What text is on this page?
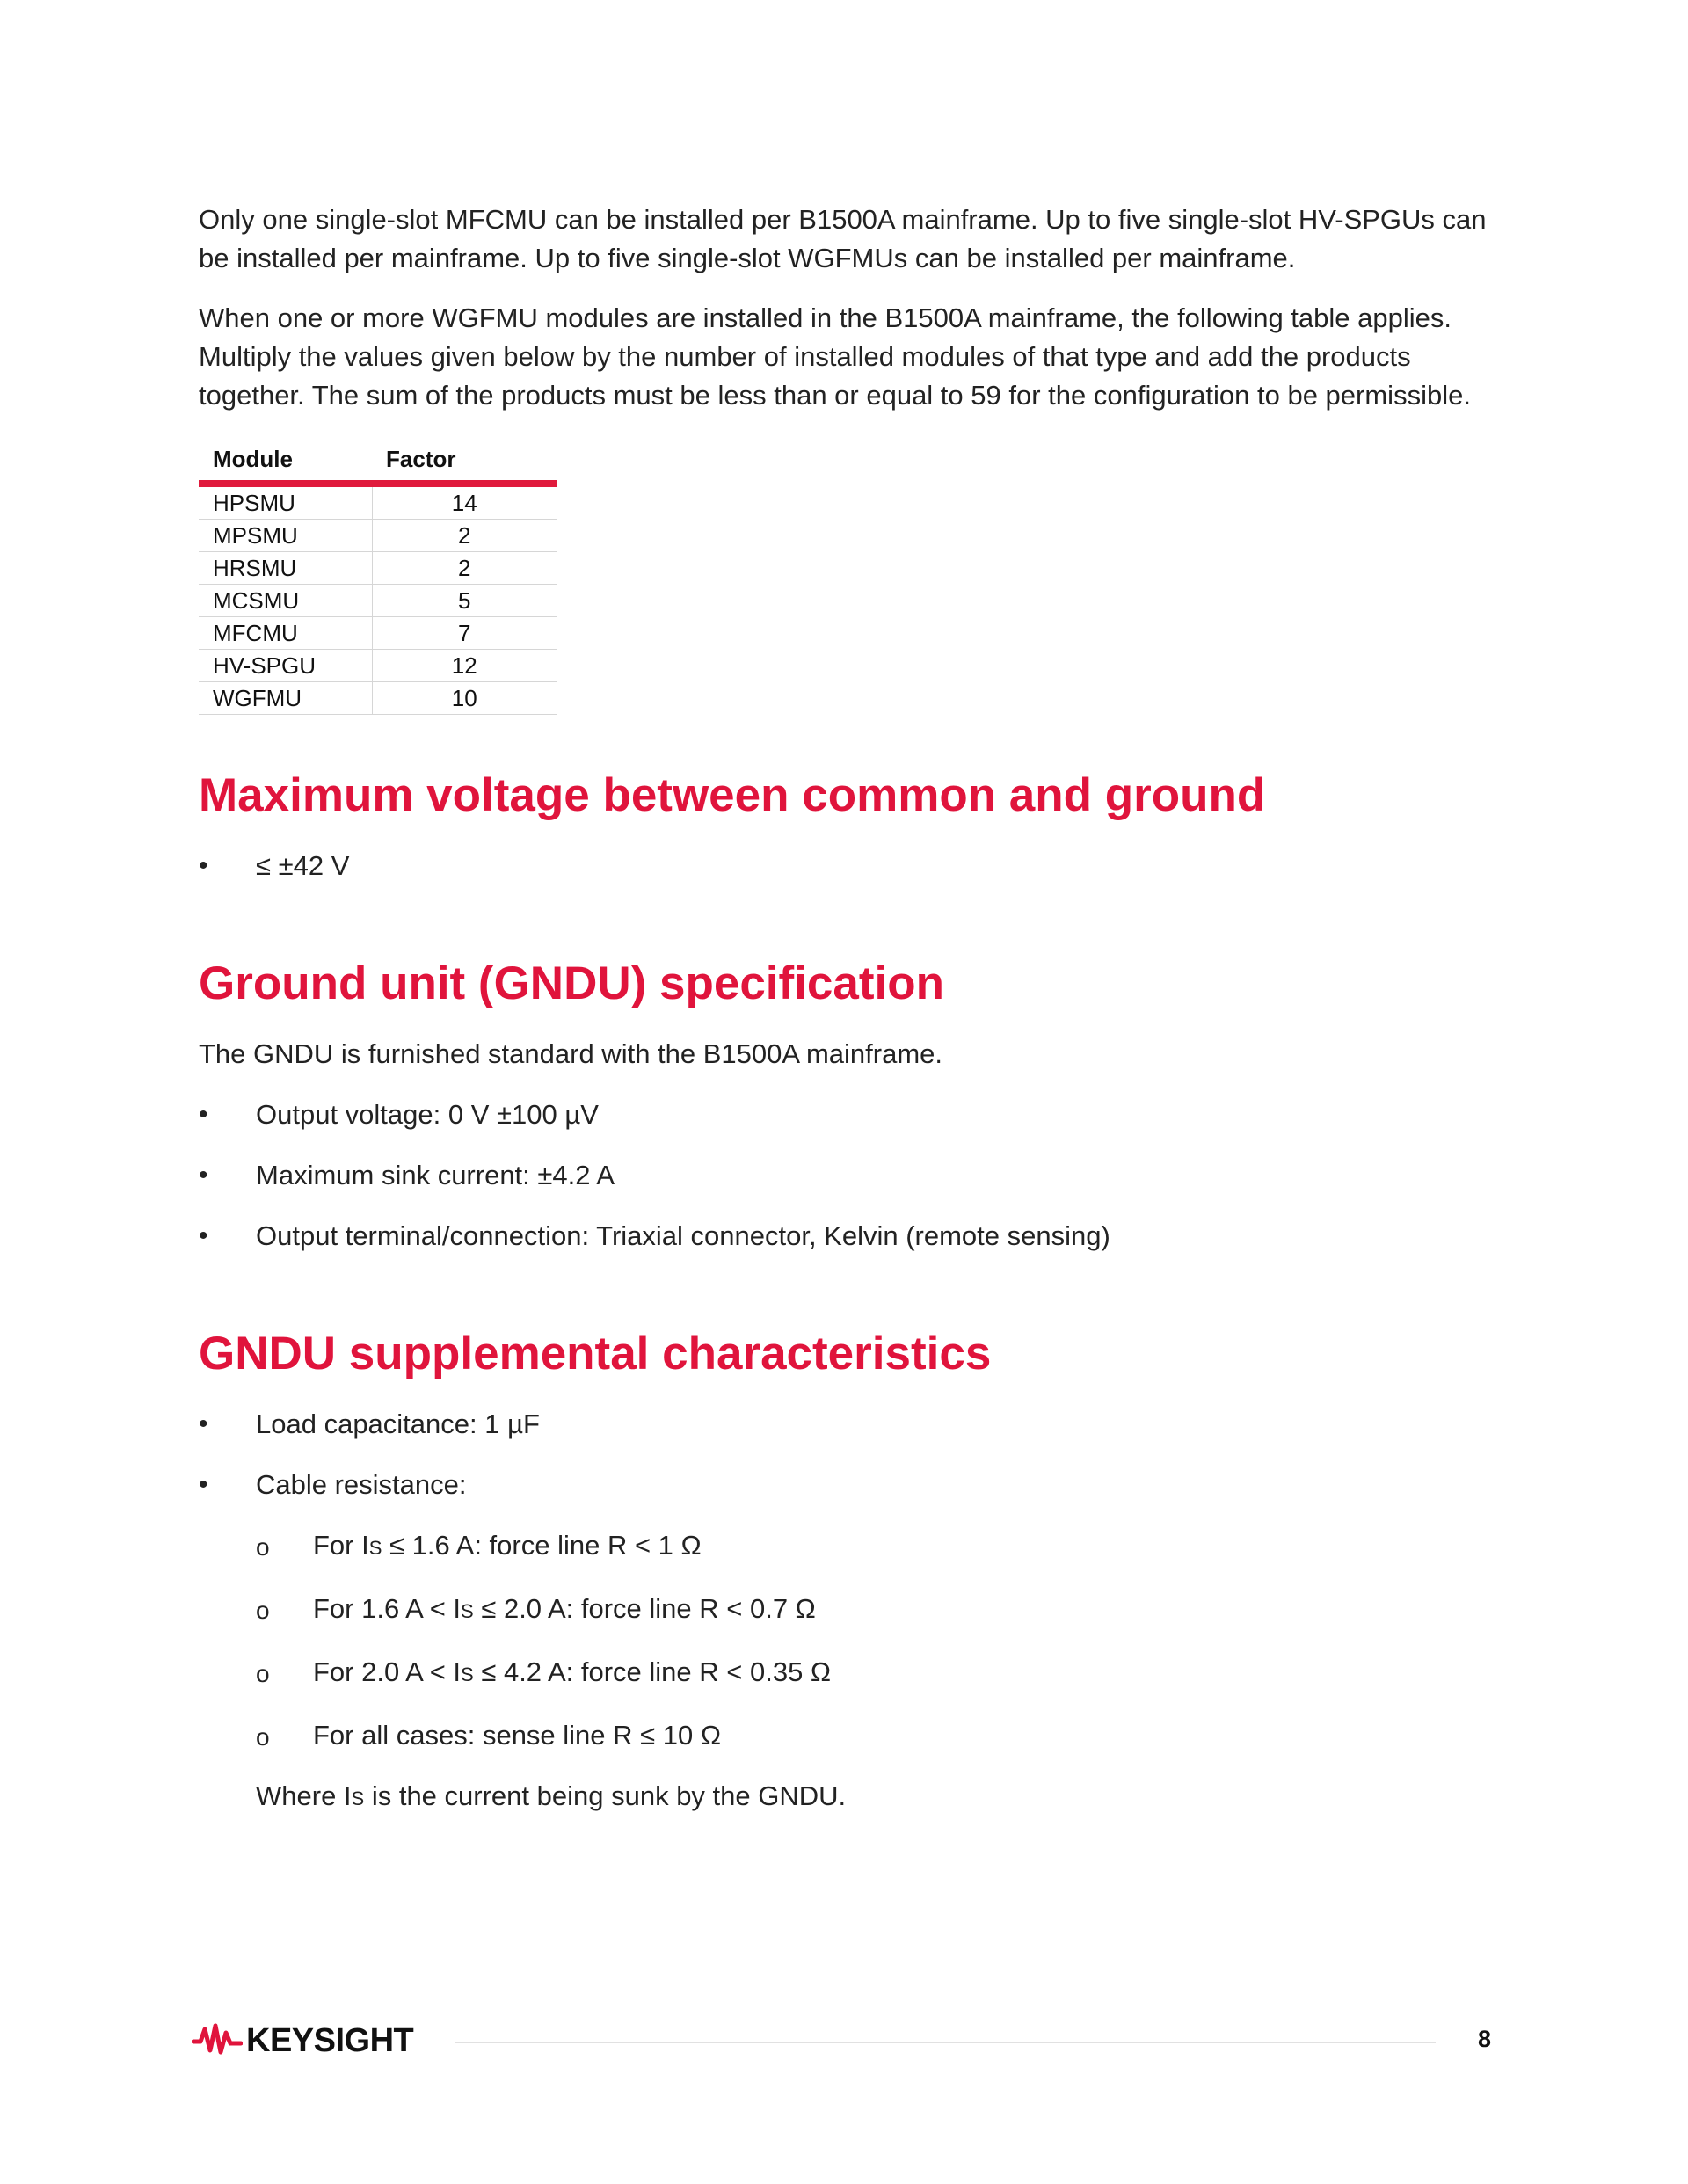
Only one single-slot MFCMU can be installed per B1500A mainframe. Up to five single-slot HV-SPGUs can be installed per mainframe. Up to five single-slot WGFMUs can be installed per mainframe.

When one or more WGFMU modules are installed in the B1500A mainframe, the following table applies. Multiply the values given below by the number of installed modules of that type and add the products together. The sum of the products must be less than or equal to 59 for the configuration to be permissible.

Module	Factor
HPSMU	14
MPSMU	2
HRSMU	2
MCSMU	5
MFCMU	7
HV-SPGU	12
WGFMU	10
Maximum voltage between common and ground
• ≤ ±42 V
Ground unit (GNDU) specification

The GNDU is furnished standard with the B1500A mainframe.

• Output voltage: 0 V ±100 µV
• Maximum sink current: ±4.2 A
• Output terminal/connection: Triaxial connector, Kelvin (remote sensing)
GNDU supplemental characteristics
• Load capacitance: 1 µF
• Cable resistance:
o For IS ≤ 1.6 A: force line R < 1 Ω
o For 1.6 A < IS ≤ 2.0 A: force line R < 0.7 Ω
o For 2.0 A < IS ≤ 4.2 A: force line R < 0.35 Ω
o For all cases: sense line R ≤ 10 Ω
Where IS is the current being sunk by the GNDU.
KEYSIGHT	8
